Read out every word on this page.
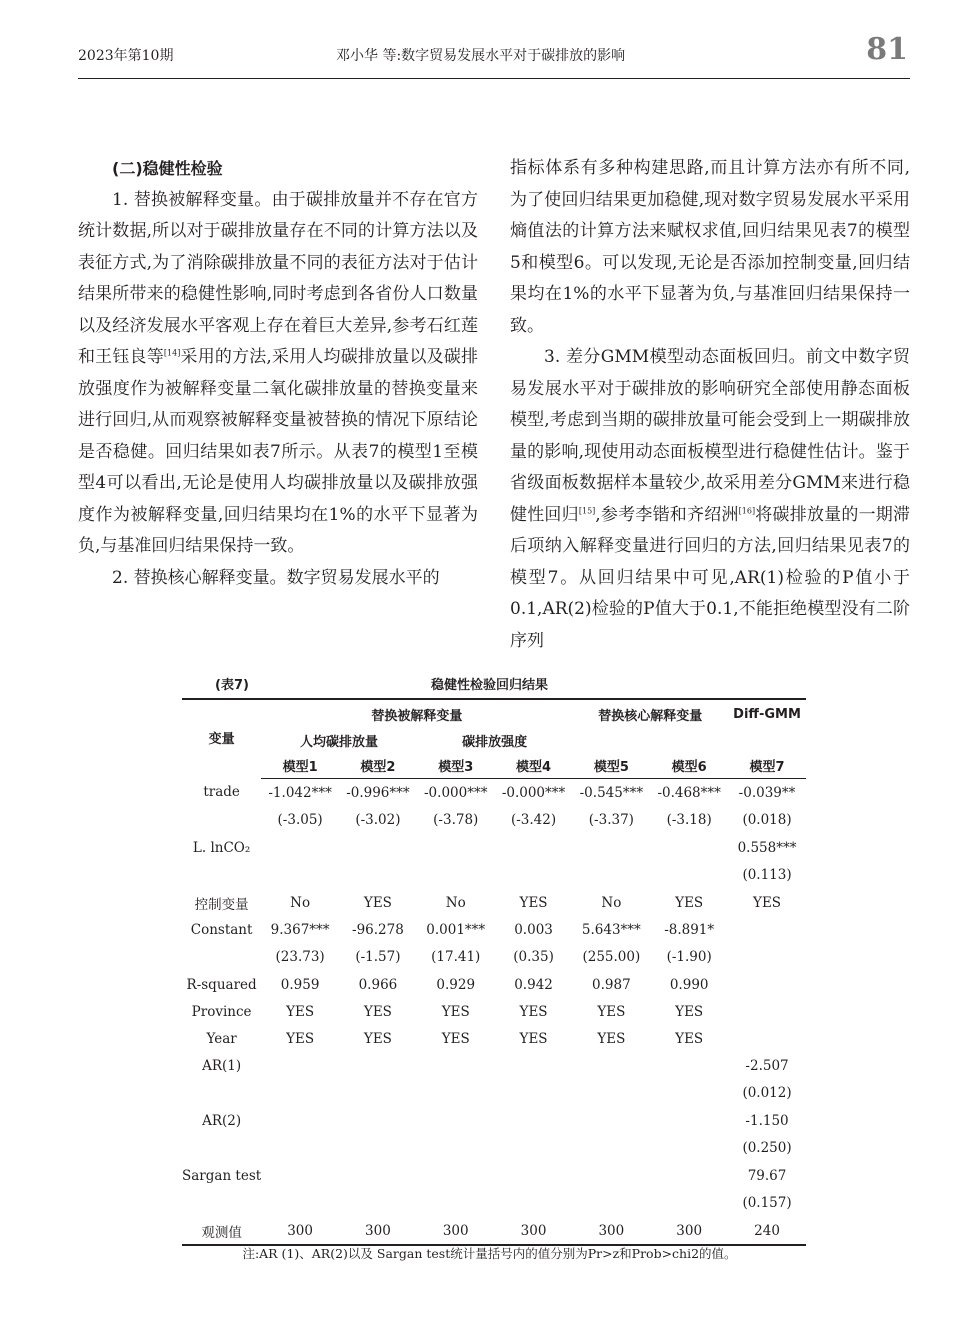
2023年第10期	邓小华 等:数字贸易发展水平对于碳排放的影响	81

(二)稳健性检验

1. 替换被解释变量。由于碳排放量并不存在官方统计数据,所以对于碳排放量存在不同的计算方法以及表征方式,为了消除碳排放量不同的表征方法对于估计结果所带来的稳健性影响,同时考虑到各省份人口数量以及经济发展水平客观上存在着巨大差异,参考石红莲和王钰良等[14]采用的方法,采用人均碳排放量以及碳排放强度作为被解释变量二氧化碳排放量的替换变量来进行回归,从而观察被解释变量被替换的情况下原结论是否稳健。回归结果如表7所示。从表7的模型1至模型4可以看出,无论是使用人均碳排放量以及碳排放强度作为被解释变量,回归结果均在1%的水平下显著为负,与基准回归结果保持一致。

2. 替换核心解释变量。数字贸易发展水平的

指标体系有多种构建思路,而且计算方法亦有所不同,为了使回归结果更加稳健,现对数字贸易发展水平采用熵值法的计算方法来赋权求值,回归结果见表7的模型5和模型6。可以发现,无论是否添加控制变量,回归结果均在1%的水平下显著为负,与基准回归结果保持一致。

3. 差分GMM模型动态面板回归。前文中数字贸易发展水平对于碳排放的影响研究全部使用静态面板模型,考虑到当期的碳排放量可能会受到上一期碳排放量的影响,现使用动态面板模型进行稳健性估计。鉴于省级面板数据样本量较少,故采用差分GMM来进行稳健性回归[15],参考李锴和齐绍洲[16]将碳排放量的一期滞后项纳入解释变量进行回归的方法,回归结果见表7的模型7。从回归结果中可见,AR(1)检验的P值小于0.1,AR(2)检验的P值大于0.1,不能拒绝模型没有二阶序列

(表7)	稳健性检验回归结果
	替换被解释变量				替换核心解释变量		Diff-GMM
变量	人均碳排放量		碳排放强度				
	模型1	模型2	模型3	模型4	模型5	模型6	模型7
trade	-1.042***	-0.996***	-0.000***	-0.000***	-0.545***	-0.468***	-0.039**
	(-3.05)	(-3.02)	(-3.78)	(-3.42)	(-3.37)	(-3.18)	(0.018)
L. lnCO₂							0.558***
							(0.113)
控制变量	No	YES	No	YES	No	YES	YES
Constant	9.367***	-96.278	0.001***	0.003	5.643***	-8.891*	
	(23.73)	(-1.57)	(17.41)	(0.35)	(255.00)	(-1.90)	
R-squared	0.959	0.966	0.929	0.942	0.987	0.990	
Province	YES	YES	YES	YES	YES	YES	
Year	YES	YES	YES	YES	YES	YES	
AR(1)							-2.507
							(0.012)
AR(2)							-1.150
							(0.250)
Sargan test							79.67
							(0.157)
观测值	300	300	300	300	300	300	240
注:AR (1)、AR(2)以及 Sargan test统计量括号内的值分别为Pr>z和Prob>chi2的值。
